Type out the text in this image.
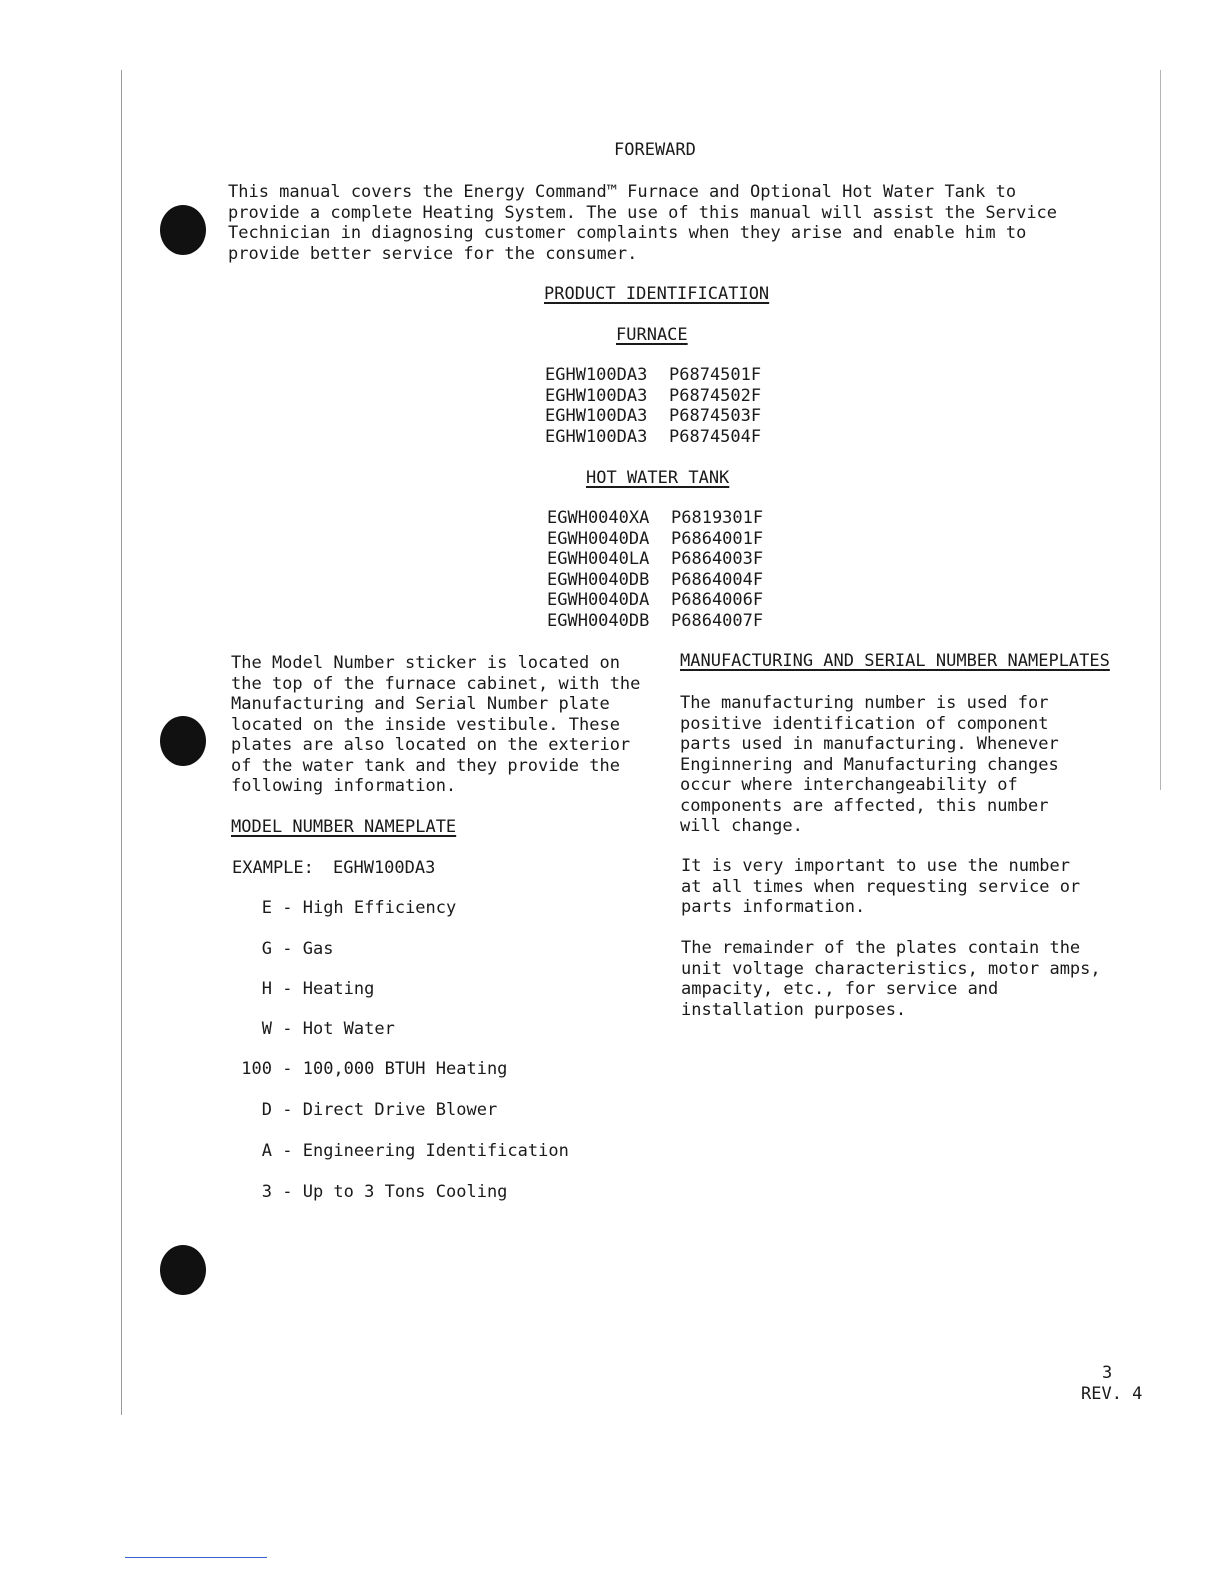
FOREWARD
This manual covers the Energy Command™ Furnace and Optional Hot Water Tank to
provide a complete Heating System. The use of this manual will assist the Service
Technician in diagnosing customer complaints when they arise and enable him to
provide better service for the consumer.
PRODUCT IDENTIFICATION
FURNACE
EGHW100DA3 P6874501F
EGHW100DA3 P6874502F
EGHW100DA3 P6874503F
EGHW100DA3 P6874504F
HOT WATER TANK
EGWH0040XA P6819301F
EGWH0040DA P6864001F
EGWH0040LA P6864003F
EGWH0040DB P6864004F
EGWH0040DA P6864006F
EGWH0040DB P6864007F
The Model Number sticker is located on
the top of the furnace cabinet, with the
Manufacturing and Serial Number plate
located on the inside vestibule. These
plates are also located on the exterior
of the water tank and they provide the
following information.
MODEL NUMBER NAMEPLATE
EXAMPLE: EGHW100DA3
E - High Efficiency
G - Gas
H - Heating
W - Hot Water
100 - 100,000 BTUH Heating
D - Direct Drive Blower
A - Engineering Identification
3 - Up to 3 Tons Cooling
MANUFACTURING AND SERIAL NUMBER NAMEPLATES
The manufacturing number is used for
positive identification of component
parts used in manufacturing. Whenever
Enginnering and Manufacturing changes
occur where interchangeability of
components are affected, this number
will change.
It is very important to use the number
at all times when requesting service or
parts information.
The remainder of the plates contain the
unit voltage characteristics, motor amps,
ampacity, etc., for service and
installation purposes.
3
REV. 4
